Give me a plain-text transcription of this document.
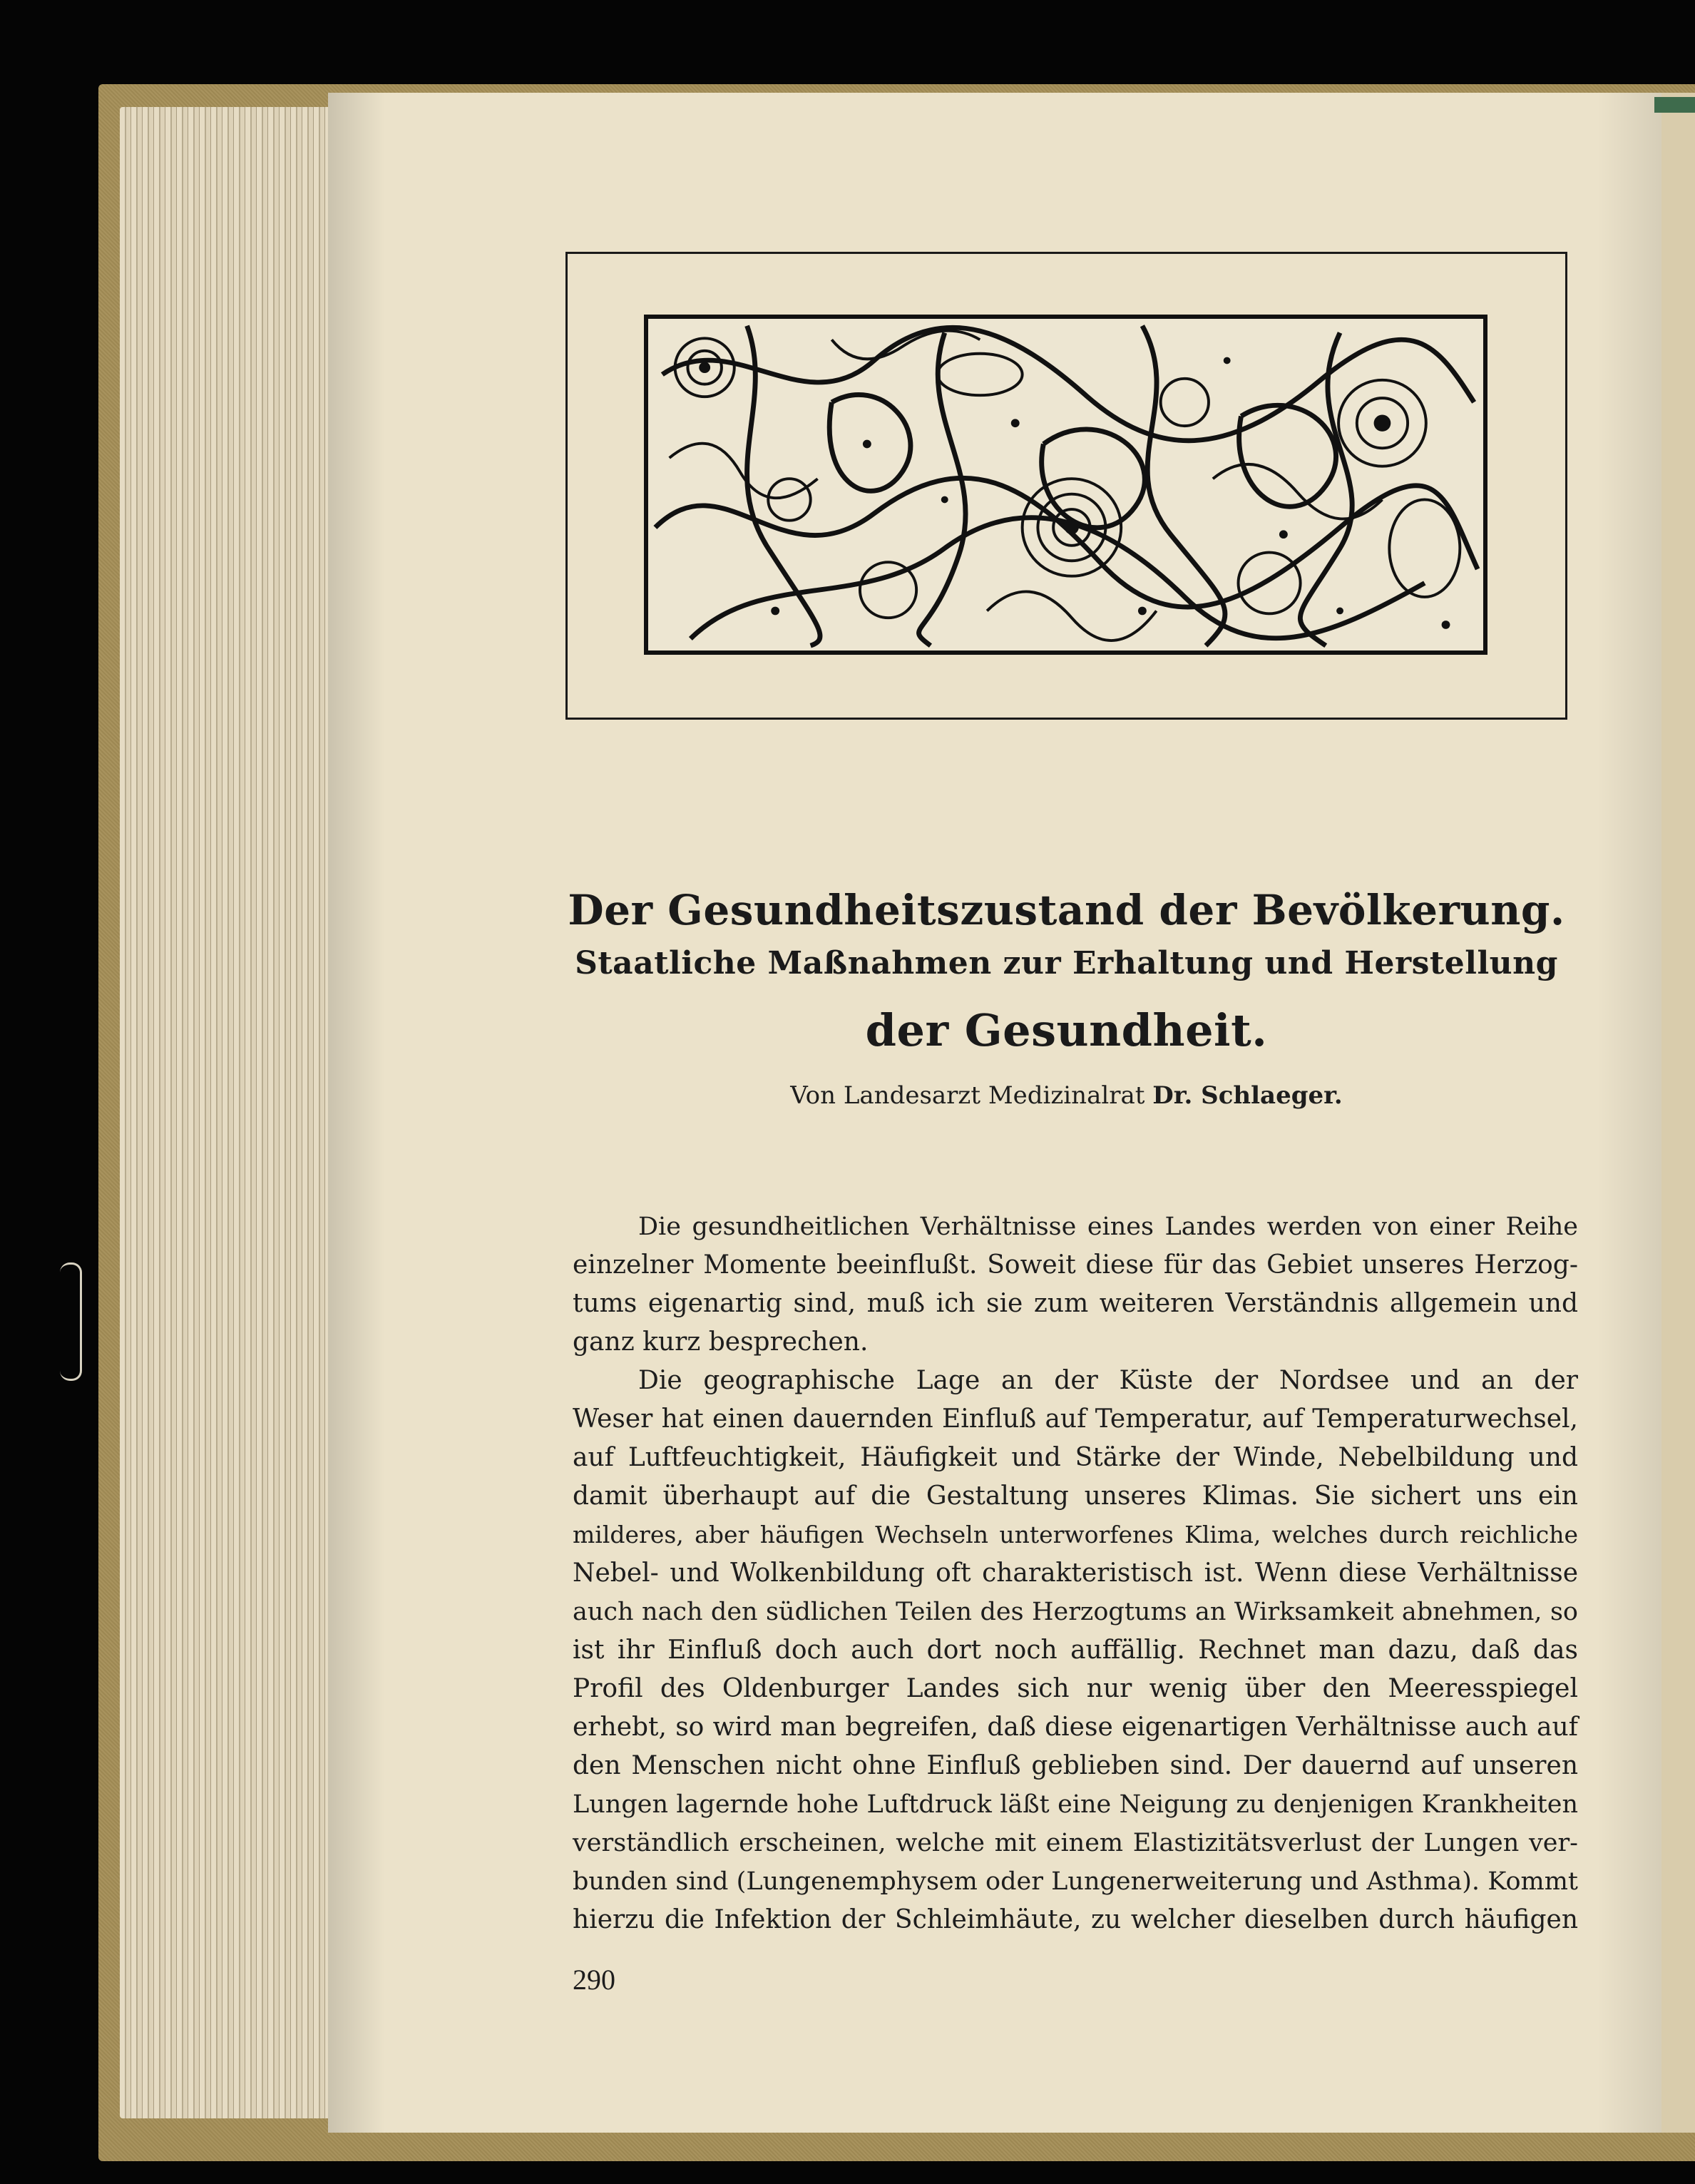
Der Gesundheitszustand der Bevölkerung.
Staatliche Maßnahmen zur Erhaltung und Herstellung
der Gesundheit.
Von Landesarzt Medizinalrat Dr. Schlaeger.
Die gesundheitlichen Verhältnisse eines Landes werden von einer Reihe
einzelner Momente beeinflußt. Soweit diese für das Gebiet unseres Herzog-
tums eigenartig sind, muß ich sie zum weiteren Verständnis allgemein und
ganz kurz besprechen.
Die geographische Lage an der Küste der Nordsee und an der
Weser hat einen dauernden Einfluß auf Temperatur, auf Temperaturwechsel,
auf Luftfeuchtigkeit, Häufigkeit und Stärke der Winde, Nebelbildung und
damit überhaupt auf die Gestaltung unseres Klimas. Sie sichert uns ein
milderes, aber häufigen Wechseln unterworfenes Klima, welches durch reichliche
Nebel- und Wolkenbildung oft charakteristisch ist. Wenn diese Verhältnisse
auch nach den südlichen Teilen des Herzogtums an Wirksamkeit abnehmen, so
ist ihr Einfluß doch auch dort noch auffällig. Rechnet man dazu, daß das
Profil des Oldenburger Landes sich nur wenig über den Meeresspiegel
erhebt, so wird man begreifen, daß diese eigenartigen Verhältnisse auch auf
den Menschen nicht ohne Einfluß geblieben sind. Der dauernd auf unseren
Lungen lagernde hohe Luftdruck läßt eine Neigung zu denjenigen Krankheiten
verständlich erscheinen, welche mit einem Elastizitätsverlust der Lungen ver-
bunden sind (Lungenemphysem oder Lungenerweiterung und Asthma). Kommt
hierzu die Infektion der Schleimhäute, zu welcher dieselben durch häufigen
290
